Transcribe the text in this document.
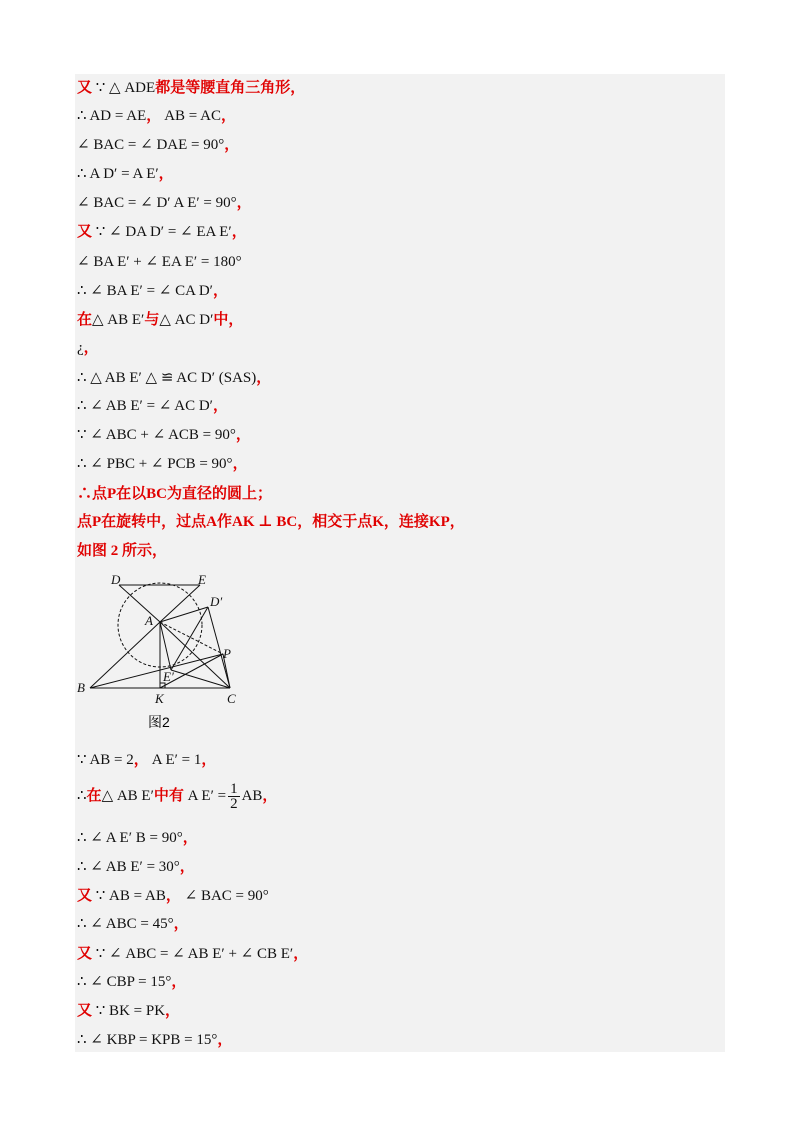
又 ∵ △ ADE都是等腰直角三角形，
∴ AD = AE， AB = AC，
∠ BAC = ∠ DAE = 90°，
∴ A D′ = A E′，
∠ BAC = ∠ D′ A E′ = 90°，
又 ∵ ∠ DA D′ = ∠ EA E′，
∠ BA E′ + ∠ EA E′ = 180°
∴ ∠ BA E′ = ∠ CA D′，
在△ AB E′与△ AC D′中，
¿，
∴ △ AB E′ △ ≌ AC D′ (SAS)，
∴ ∠ AB E′ = ∠ AC D′，
∵ ∠ ABC + ∠ ACB = 90°，
∴ ∠ PBC + ∠ PCB = 90°，
∴点P在以BC为直径的圆上；
点P在旋转中，过点A作AK ⊥ BC，相交于点K，连接KP，
如图 2 所示，
D	E
D′
A
P
E′
B
K	C
图2
∵ AB = 2， A E′ = 1，
∴在△ AB E′中有 A $E' = \frac{1}{2}$ AB，
∴ ∠ A E′ B = 90°，
∴ ∠ AB E′ = 30°，
又 ∵ AB = AB， ∠ BAC = 90°
∴ ∠ ABC = 45°，
又 ∵ ∠ ABC = ∠ AB E′ + ∠ CB E′，
∴ ∠ CBP = 15°，
又 ∵ BK = PK，
∴ ∠ KBP = KPB = 15°，
